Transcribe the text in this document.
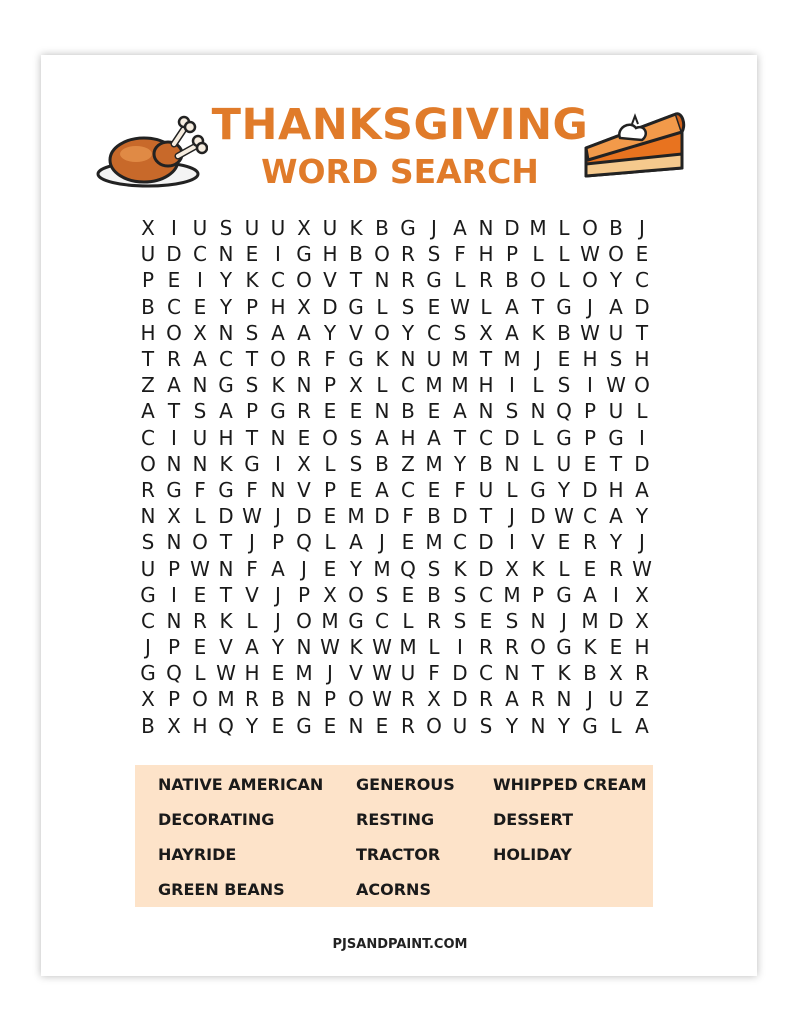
THANKSGIVING
WORD SEARCH
X I U S U U X U K B G J A N D M L O B J
U D C N E I G H B O R S F H P L L W O E
P E I Y K C O V T N R G L R B O L O Y C
B C E Y P H X D G L S E W L A T G J A D
H O X N S A A Y V O Y C S X A K B W U T
T R A C T O R F G K N U M T M J E H S H
Z A N G S K N P X L C M M H I L S I W O
A T S A P G R E E N B E A N S N Q P U L
C I U H T N E O S A H A T C D L G P G I
O N N K G I X L S B Z M Y B N L U E T D
R G F G F N V P E A C E F U L G Y D H A
N X L D W J D E M D F B D T J D W C A Y
S N O T J P Q L A J E M C D I V E R Y J
U P W N F A J E Y M Q S K D X K L E R W
G I E T V J P X O S E B S C M P G A I X
C N R K L J O M G C L R S E S N J M D X
J P E V A Y N W K W M L I R R O G K E H
G Q L W H E M J V W U F D C N T K B X R
X P O M R B N P O W R X D R A R N J U Z
B X H Q Y E G E N E R O U S Y N Y G L A
NATIVE AMERICAN
DECORATING
HAYRIDE
GREEN BEANS
GENEROUS
RESTING
TRACTOR
ACORNS
WHIPPED CREAM
DESSERT
HOLIDAY
PJSANDPAINT.COM
